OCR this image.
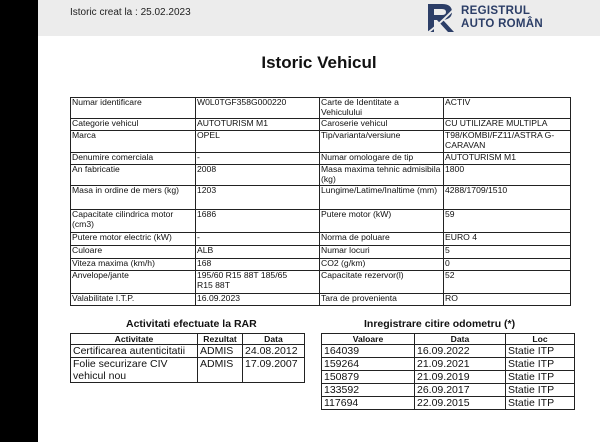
Istoric creat la : 25.02.2023	REGISTRUL
AUTO ROMÂN
Istoric Vehicul
Numar identificare	W0L0TGF358G000220	Carte de Identitate a Vehiculului	ACTIV
Categorie vehicul	AUTOTURISM M1	Caroserie vehicul	CU UTILIZARE MULTIPLA
Marca	OPEL	Tip/varianta/versiune	T98/KOMBI/FZ11/ASTRA G-CARAVAN
Denumire comerciala	-	Numar omologare de tip	AUTOTURISM M1
An fabricatie	2008	Masa maxima tehnic admisibila (kg)	1800
Masa in ordine de mers (kg)	1203	Lungime/Latime/Inaltime (mm)	4288/1709/1510
Capacitate cilindrica motor (cm3)	1686	Putere motor (kW)	59
Putere motor electric (kW)	-	Norma de poluare	EURO 4
Culoare	ALB	Numar locuri	5
Viteza maxima (km/h)	168	CO2 (g/km)	0
Anvelope/jante	195/60 R15 88T 185/65 R15 88T	Capacitate rezervor(l)	52
Valabilitate I.T.P.	16.09.2023	Tara de provenienta	RO
Activitati efectuate la RAR	Inregistrare citire odometru (*)
Activitate	Rezultat	Data
Certificarea autenticitatii	ADMIS	24.08.2012
Folie securizare CIV vehicul nou	ADMIS	17.09.2007
Valoare	Data	Loc
164039	16.09.2022	Statie ITP
159264	21.09.2021	Statie ITP
150879	21.09.2019	Statie ITP
133592	26.09.2017	Statie ITP
117694	22.09.2015	Statie ITP
